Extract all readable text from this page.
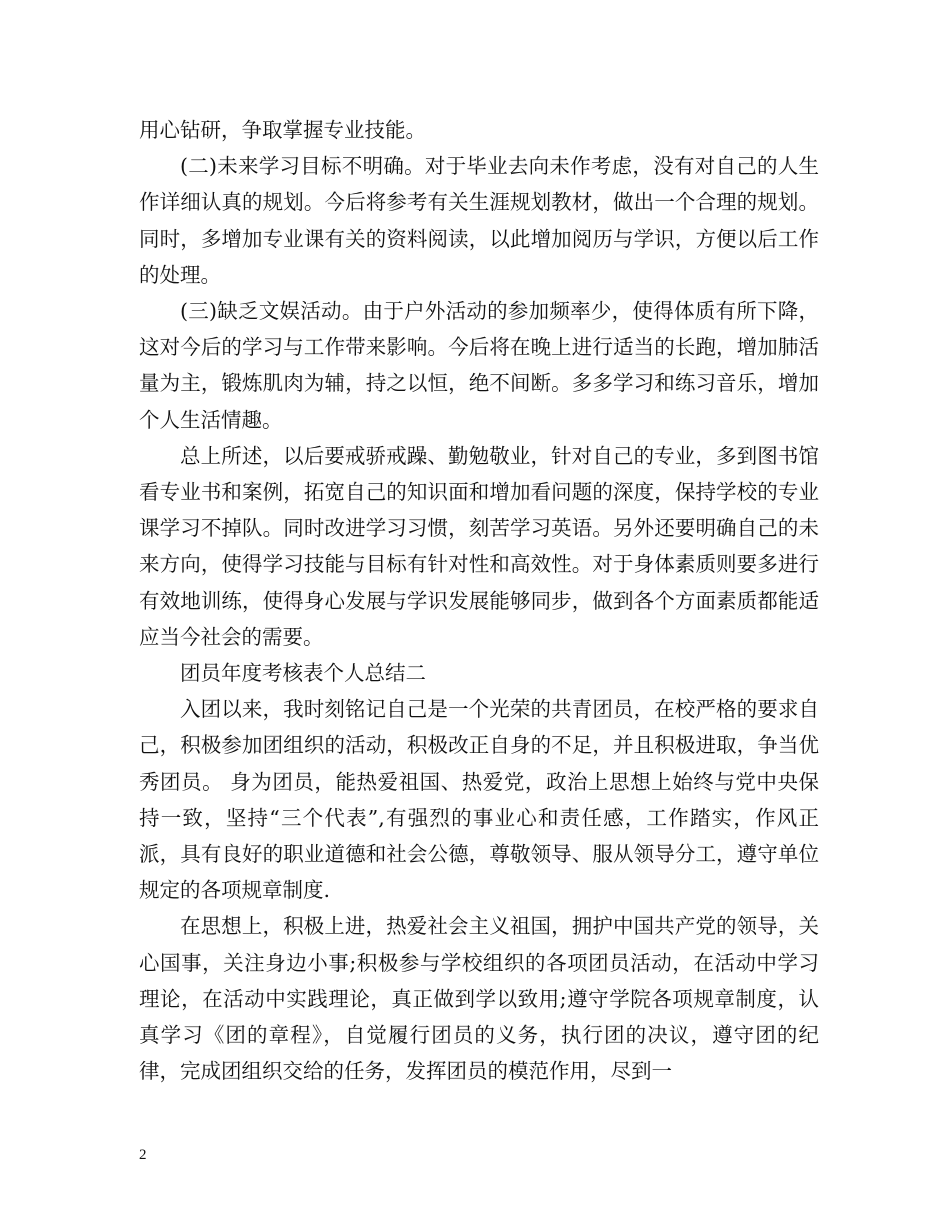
用心钻研，争取掌握专业技能。

(二)未来学习目标不明确。对于毕业去向未作考虑，没有对自己的人生作详细认真的规划。今后将参考有关生涯规划教材，做出一个合理的规划。同时，多增加专业课有关的资料阅读，以此增加阅历与学识，方便以后工作的处理。

(三)缺乏文娱活动。由于户外活动的参加频率少，使得体质有所下降，这对今后的学习与工作带来影响。今后将在晚上进行适当的长跑，增加肺活量为主，锻炼肌肉为辅，持之以恒，绝不间断。多多学习和练习音乐，增加个人生活情趣。

总上所述，以后要戒骄戒躁、勤勉敬业，针对自己的专业，多到图书馆看专业书和案例，拓宽自己的知识面和增加看问题的深度，保持学校的专业课学习不掉队。同时改进学习习惯，刻苦学习英语。另外还要明确自己的未来方向，使得学习技能与目标有针对性和高效性。对于身体素质则要多进行有效地训练，使得身心发展与学识发展能够同步，做到各个方面素质都能适应当今社会的需要。

团员年度考核表个人总结二

入团以来，我时刻铭记自己是一个光荣的共青团员，在校严格的要求自己，积极参加团组织的活动，积极改正自身的不足，并且积极进取，争当优秀团员。 身为团员，能热爱祖国、热爱党，政治上思想上始终与党中央保持一致，坚持“三个代表”,有强烈的事业心和责任感，工作踏实，作风正派，具有良好的职业道德和社会公德，尊敬领导、服从领导分工，遵守单位规定的各项规章制度.

在思想上，积极上进，热爱社会主义祖国，拥护中国共产党的领导，关心国事，关注身边小事;积极参与学校组织的各项团员活动，在活动中学习理论，在活动中实践理论，真正做到学以致用;遵守学院各项规章制度，认真学习《团的章程》，自觉履行团员的义务，执行团的决议，遵守团的纪律，完成团组织交给的任务，发挥团员的模范作用，尽到一

2
